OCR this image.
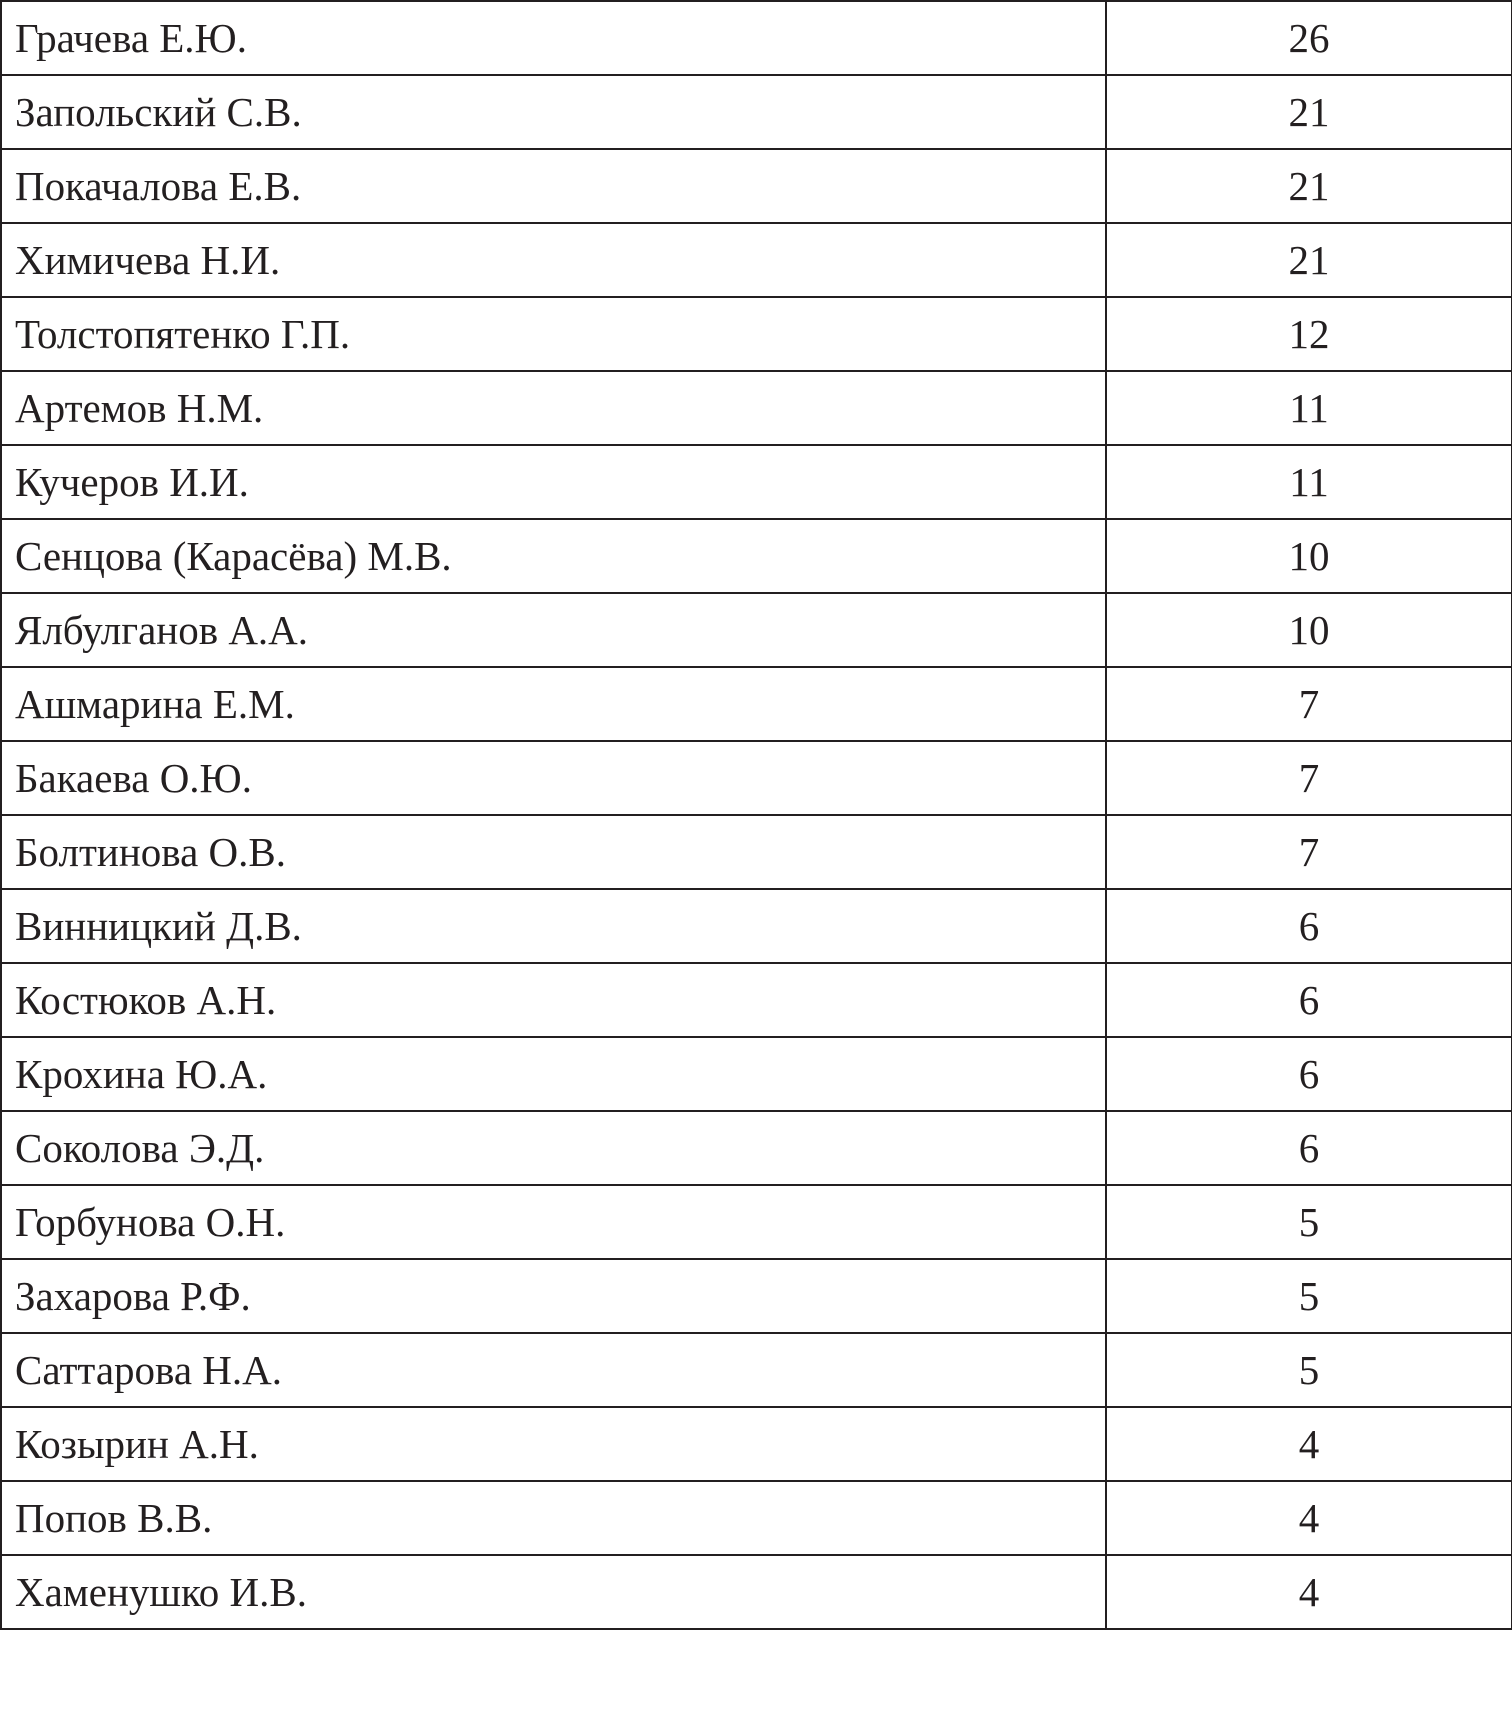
Грачева Е.Ю.	26
Запольский С.В.	21
Покачалова Е.В.	21
Химичева Н.И.	21
Толстопятенко Г.П.	12
Артемов Н.М.	11
Кучеров И.И.	11
Сенцова (Карасёва) М.В.	10
Ялбулганов А.А.	10
Ашмарина Е.М.	7
Бакаева О.Ю.	7
Болтинова О.В.	7
Винницкий Д.В.	6
Костюков А.Н.	6
Крохина Ю.А.	6
Соколова Э.Д.	6
Горбунова О.Н.	5
Захарова Р.Ф.	5
Саттарова Н.А.	5
Козырин А.Н.	4
Попов В.В.	4
Хаменушко И.В.	4
